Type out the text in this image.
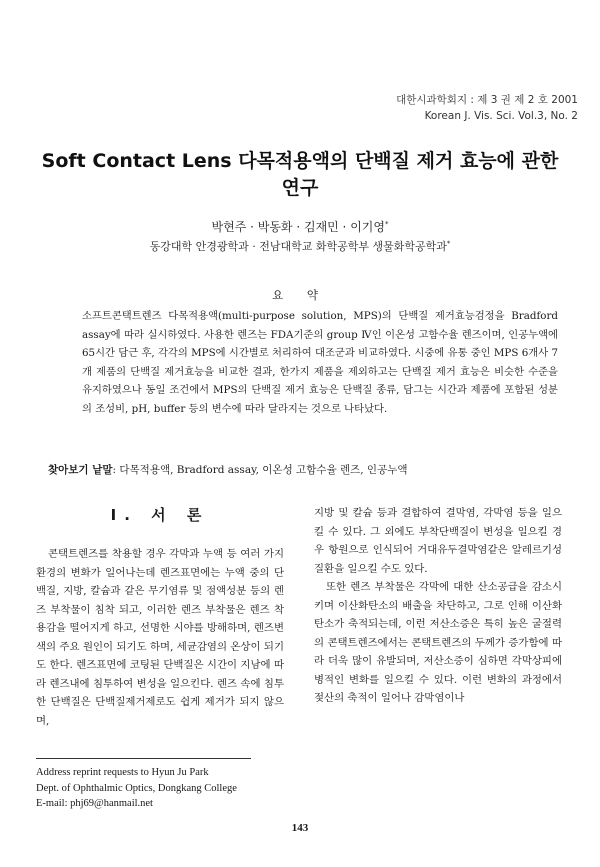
대한시과학회지 : 제 3 권 제 2 호 2001
Korean J. Vis. Sci. Vol.3, No. 2
Soft Contact Lens 다목적용액의 단백질 제거 효능에 관한 연구
박현주 · 박동화 · 김재민 · 이기영*
동강대학 안경광학과 · 전남대학교 화학공학부 생물화학공학과*
요 약

소프트콘택트렌즈 다목적용액(multi-purpose solution, MPS)의 단백질 제거효능검정을 Bradford assay에 따라 실시하였다. 사용한 렌즈는 FDA기준의 group Ⅳ인 이온성 고함수율 렌즈이며, 인공누액에 65시간 담근 후, 각각의 MPS에 시간별로 처리하여 대조군과 비교하였다. 시중에 유통 중인 MPS 6개사 7개 제품의 단백질 제거효능을 비교한 결과, 한가지 제품을 제외하고는 단백질 제거 효능은 비슷한 수준을 유지하였으나 동일 조건에서 MPS의 단백질 제거 효능은 단백질 종류, 담그는 시간과 제품에 포함된 성분의 조성비, pH, buffer 등의 변수에 따라 달라지는 것으로 나타났다.

찾아보기 낱말: 다목적용액, Bradford assay, 이온성 고함수율 렌즈, 인공누액
Ⅰ. 서 론

콘택트렌즈를 착용할 경우 각막과 누액 등 여러 가지 환경의 변화가 일어나는데 렌즈표면에는 누액 중의 단백질, 지방, 칼슘과 같은 무기염류 및 점액성분 등의 렌즈 부착물이 침착 되고, 이러한 렌즈 부착물은 렌즈 착용감을 떨어지게 하고, 선명한 시야를 방해하며, 렌즈변색의 주요 원인이 되기도 하며, 세균감염의 온상이 되기도 한다. 렌즈표면에 코팅된 단백질은 시간이 지남에 따라 렌즈내에 침투하여 변성을 일으킨다. 렌즈 속에 침투한 단백질은 단백질제거제로도 쉽게 제거가 되지 않으며,

지방 및 칼슘 등과 결합하여 결막염, 각막염 등을 일으킬 수 있다. 그 외에도 부착단백질이 변성을 일으킬 경우 항원으로 인식되어 거대유두결막염같은 알레르기성 질환을 일으킬 수도 있다.

또한 렌즈 부착물은 각막에 대한 산소공급을 감소시키며 이산화탄소의 배출을 차단하고, 그로 인해 이산화탄소가 축적되는데, 이런 저산소증은 특히 높은 굴절력의 콘택트렌즈에서는 콘택트렌즈의 두께가 증가함에 따라 더욱 많이 유발되며, 저산소증이 심하면 각막상피에 병적인 변화를 일으킬 수 있다. 이런 변화의 과정에서 젖산의 축적이 일어나 감막염이나

Address reprint requests to Hyun Ju Park
Dept. of Ophthalmic Optics, Dongkang College
E-mail: phj69@hanmail.net
143
